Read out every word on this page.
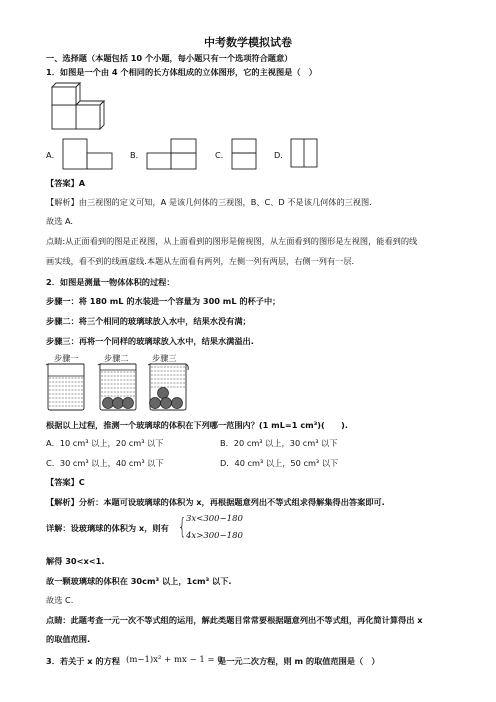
中考数学模拟试卷
一、选择题（本题包括 10 个小题，每小题只有一个选项符合题意）
1．如图是一个由 4 个相同的长方体组成的立体图形，它的主视图是（　）
A．	B．	C．	D．
【答案】A
【解析】由三视图的定义可知，A 是该几何体的三视图，B、C、D 不是该几何体的三视图.
故选 A.
点睛:从正面看到的图是正视图，从上面看到的图形是俯视图，从左面看到的图形是左视图，能看到的线
画实线，看不到的线画虚线.本题从左面看有两列，左侧一列有两层，右侧一列有一层.
2．如图是测量一物体体积的过程：
步骤一：将 180 mL 的水装进一个容量为 300 mL 的杯子中；
步骤二：将三个相同的玻璃球放入水中，结果水没有满；
步骤三：再将一个同样的玻璃球放入水中，结果水满溢出.
步骤一	步骤二	步骤三
根据以上过程，推测一个玻璃球的体积在下列哪一范围内？(1 mL=1 cm³)(　　).
A．10 cm³ 以上，20 cm³ 以下	B．20 cm³ 以上，30 cm³ 以下
C．30 cm³ 以上，40 cm³ 以下	D．40 cm³ 以上，50 cm³ 以下
【答案】C
【解析】分析：本题可设玻璃球的体积为 x，再根据题意列出不等式组求得解集得出答案即可.
详解：设玻璃球的体积为 x，则有 { 3x<300−180
4x>300−180
解得 30<x<1.
故一颗玻璃球的体积在 30cm³ 以上，1cm³ 以下.
故选 C.
点睛：此题考查一元一次不等式组的运用，解此类题目常常要根据题意列出不等式组，再化简计算得出 x
的取值范围.
3．若关于 x 的方程 (m−1)x² + mx − 1 = 0
是一元二次方程，则 m 的取值范围是（　）
